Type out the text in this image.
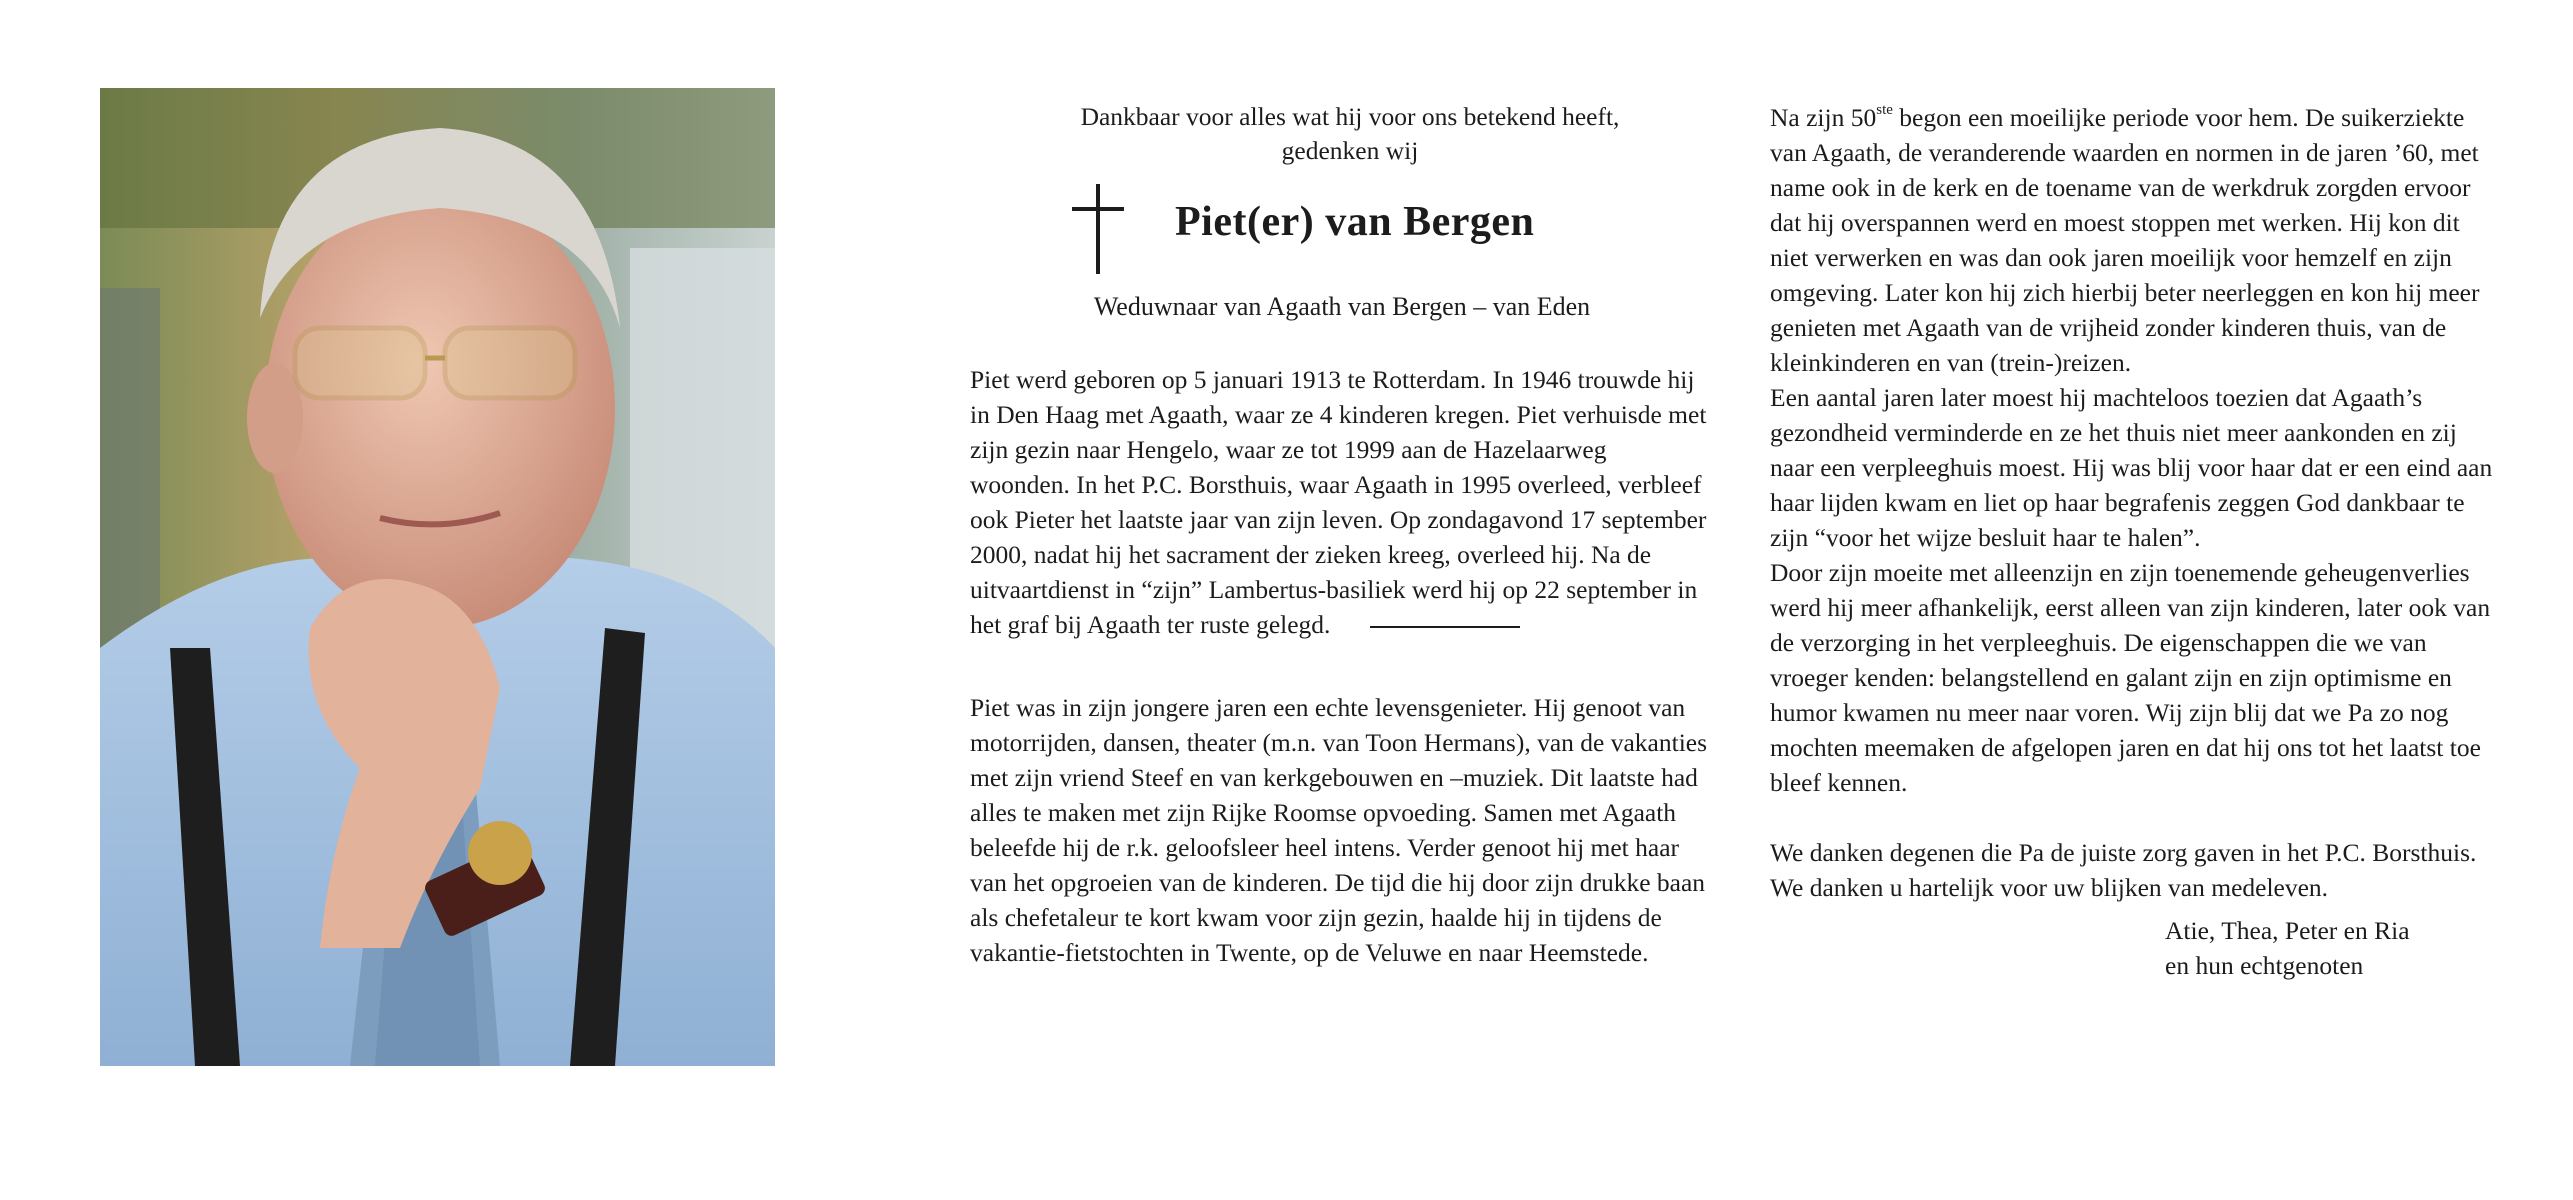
Dankbaar voor alles wat hij voor ons betekend heeft, gedenken wij

Piet(er) van Bergen
Weduwnaar van Agaath van Bergen – van Eden

Piet werd geboren op 5 januari 1913 te Rotterdam. In 1946 trouwde hij in Den Haag met Agaath, waar ze 4 kinderen kregen. Piet verhuisde met zijn gezin naar Hengelo, waar ze tot 1999 aan de Hazelaarweg woonden. In het P.C. Borsthuis, waar Agaath in 1995 overleed, verbleef ook Pieter het laatste jaar van zijn leven. Op zondagavond 17 september 2000, nadat hij het sacrament der zieken kreeg, overleed hij. Na de uitvaartdienst in “zijn” Lambertus-basiliek werd hij op 22 september in het graf bij Agaath ter ruste gelegd.

Piet was in zijn jongere jaren een echte levensgenieter. Hij genoot van motorrijden, dansen, theater (m.n. van Toon Hermans), van de vakanties met zijn vriend Steef en van kerkgebouwen en –muziek. Dit laatste had alles te maken met zijn Rijke Roomse opvoeding. Samen met Agaath beleefde hij de r.k. geloofsleer heel intens. Verder genoot hij met haar van het opgroeien van de kinderen. De tijd die hij door zijn drukke baan als chefetaleur te kort kwam voor zijn gezin, haalde hij in tijdens de vakantie-fietstochten in Twente, op de Veluwe en naar Heemstede.

Na zijn 50ste begon een moeilijke periode voor hem. De suikerziekte van Agaath, de veranderende waarden en normen in de jaren ’60, met name ook in de kerk en de toename van de werkdruk zorgden ervoor dat hij overspannen werd en moest stoppen met werken. Hij kon dit niet verwerken en was dan ook jaren moeilijk voor hemzelf en zijn omgeving. Later kon hij zich hierbij beter neerleggen en kon hij meer genieten met Agaath van de vrijheid zonder kinderen thuis, van de kleinkinderen en van (trein-)reizen.

Een aantal jaren later moest hij machteloos toezien dat Agaath’s gezondheid verminderde en ze het thuis niet meer aankonden en zij naar een verpleeghuis moest. Hij was blij voor haar dat er een eind aan haar lijden kwam en liet op haar begrafenis zeggen God dankbaar te zijn “voor het wijze besluit haar te halen”.

Door zijn moeite met alleenzijn en zijn toenemende geheugenverlies werd hij meer afhankelijk, eerst alleen van zijn kinderen, later ook van de verzorging in het verpleeghuis. De eigenschappen die we van vroeger kenden: belangstellend en galant zijn en zijn optimisme en humor kwamen nu meer naar voren. Wij zijn blij dat we Pa zo nog mochten meemaken de afgelopen jaren en dat hij ons tot het laatst toe bleef kennen.

We danken degenen die Pa de juiste zorg gaven in het P.C. Borsthuis. We danken u hartelijk voor uw blijken van medeleven.

Atie, Thea, Peter en Ria
en hun echtgenoten
